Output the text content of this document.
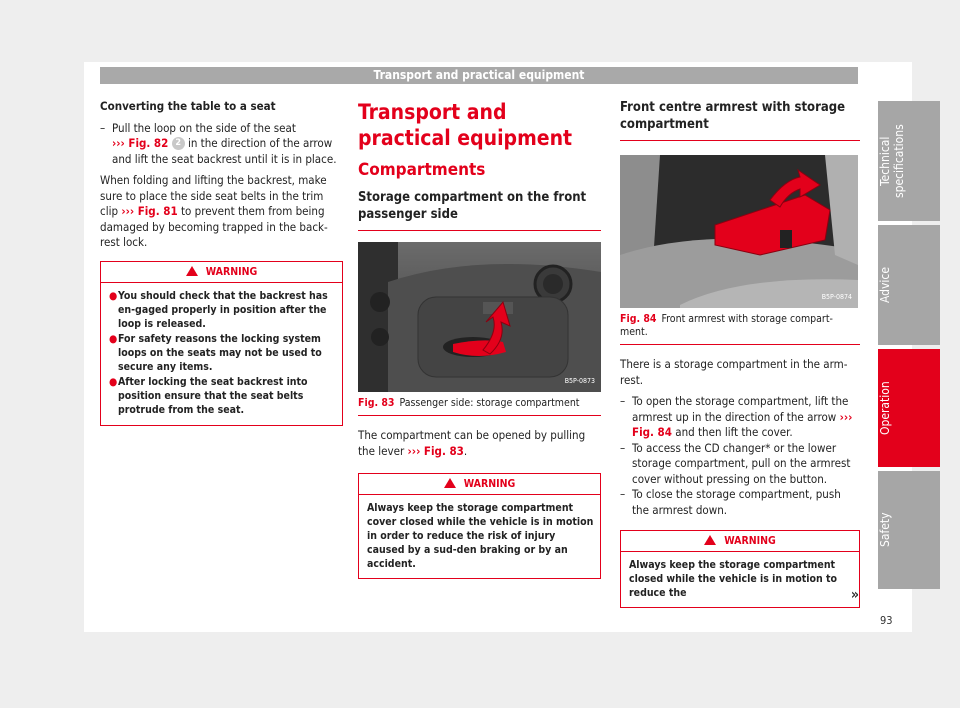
Transport and practical equipment

Converting the table to a seat

– Pull the loop on the side of the seat
››› Fig. 82 2 in the direction of the arrow and lift the seat backrest until it is in place.

When folding and lifting the backrest, make sure to place the side seat belts in the trim clip ››› Fig. 81 to prevent them from being damaged by becoming trapped in the back-rest lock.

WARNING
● You should check that the backrest has en-gaged properly in position after the loop is released.
● For safety reasons the locking system loops on the seats may not be used to secure any items.
● After locking the seat backrest into position ensure that the seat belts protrude from the seat.
Transport and practical equipment
Compartments
Storage compartment on the front passenger side
B5P-0873
Fig. 83 Passenger side: storage compartment

The compartment can be opened by pulling the lever ››› Fig. 83.

WARNING
Always keep the storage compartment cover closed while the vehicle is in motion in order to reduce the risk of injury caused by a sud-den braking or by an accident.
Front centre armrest with storage compartment
B5P-0874
Fig. 84 Front armrest with storage compart-ment.

There is a storage compartment in the arm-rest.

– To open the storage compartment, lift the armrest up in the direction of the arrow ››› Fig. 84 and then lift the cover.
– To access the CD changer* or the lower storage compartment, pull on the armrest cover without pressing on the button.
– To close the storage compartment, push the armrest down.
WARNING
Always keep the storage compartment closed while the vehicle is in motion to reduce the	»
Technical specifications
Advice
Operation
Safety
93
